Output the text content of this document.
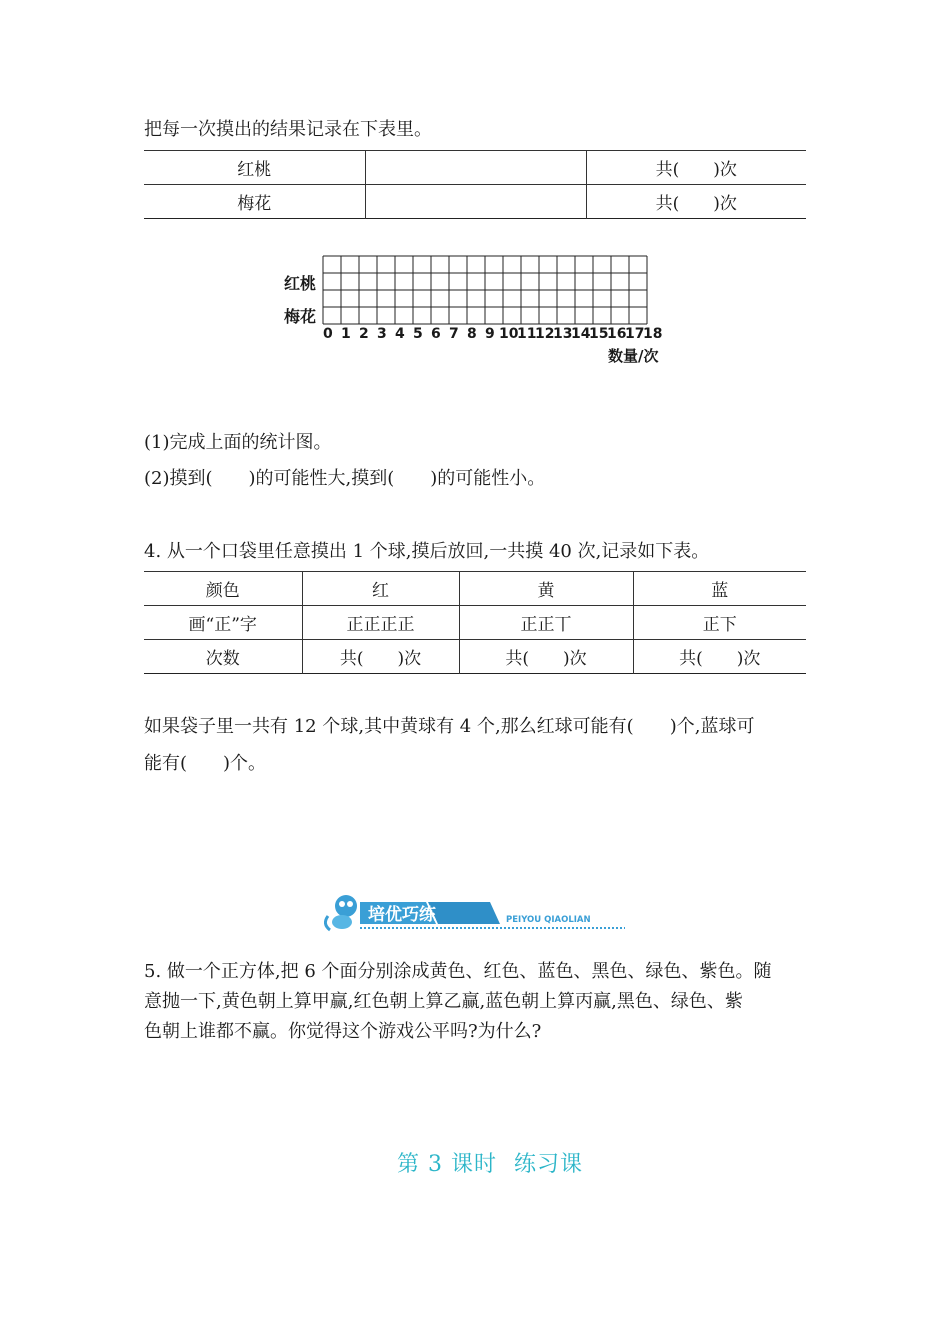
把每一次摸出的结果记录在下表里。
红桃		共(　　)次
梅花		共(　　)次
红桃
梅花
0 1 2 3 4 5 6 7 8 9 10
11
12
13
14
15
16
17
18
数量/次
(1)完成上面的统计图。
(2)摸到(　　)的可能性大,摸到(　　)的可能性小。
4. 从一个口袋里任意摸出 1 个球,摸后放回,一共摸 40 次,记录如下表。
颜色	红	黄	蓝
画“正”字	正正正正	正正丅	正下
次数	共(　　)次	共(　　)次	共(　　)次
如果袋子里一共有 12 个球,其中黄球有 4 个,那么红球可能有(　　)个,蓝球可
能有(　　)个。
培优巧练	PEIYOU QIAOLIAN
5. 做一个正方体,把 6 个面分别涂成黄色、红色、蓝色、黑色、绿色、紫色。随
意抛一下,黄色朝上算甲赢,红色朝上算乙赢,蓝色朝上算丙赢,黑色、绿色、紫
色朝上谁都不赢。你觉得这个游戏公平吗?为什么?
第 3 课时 练习课
